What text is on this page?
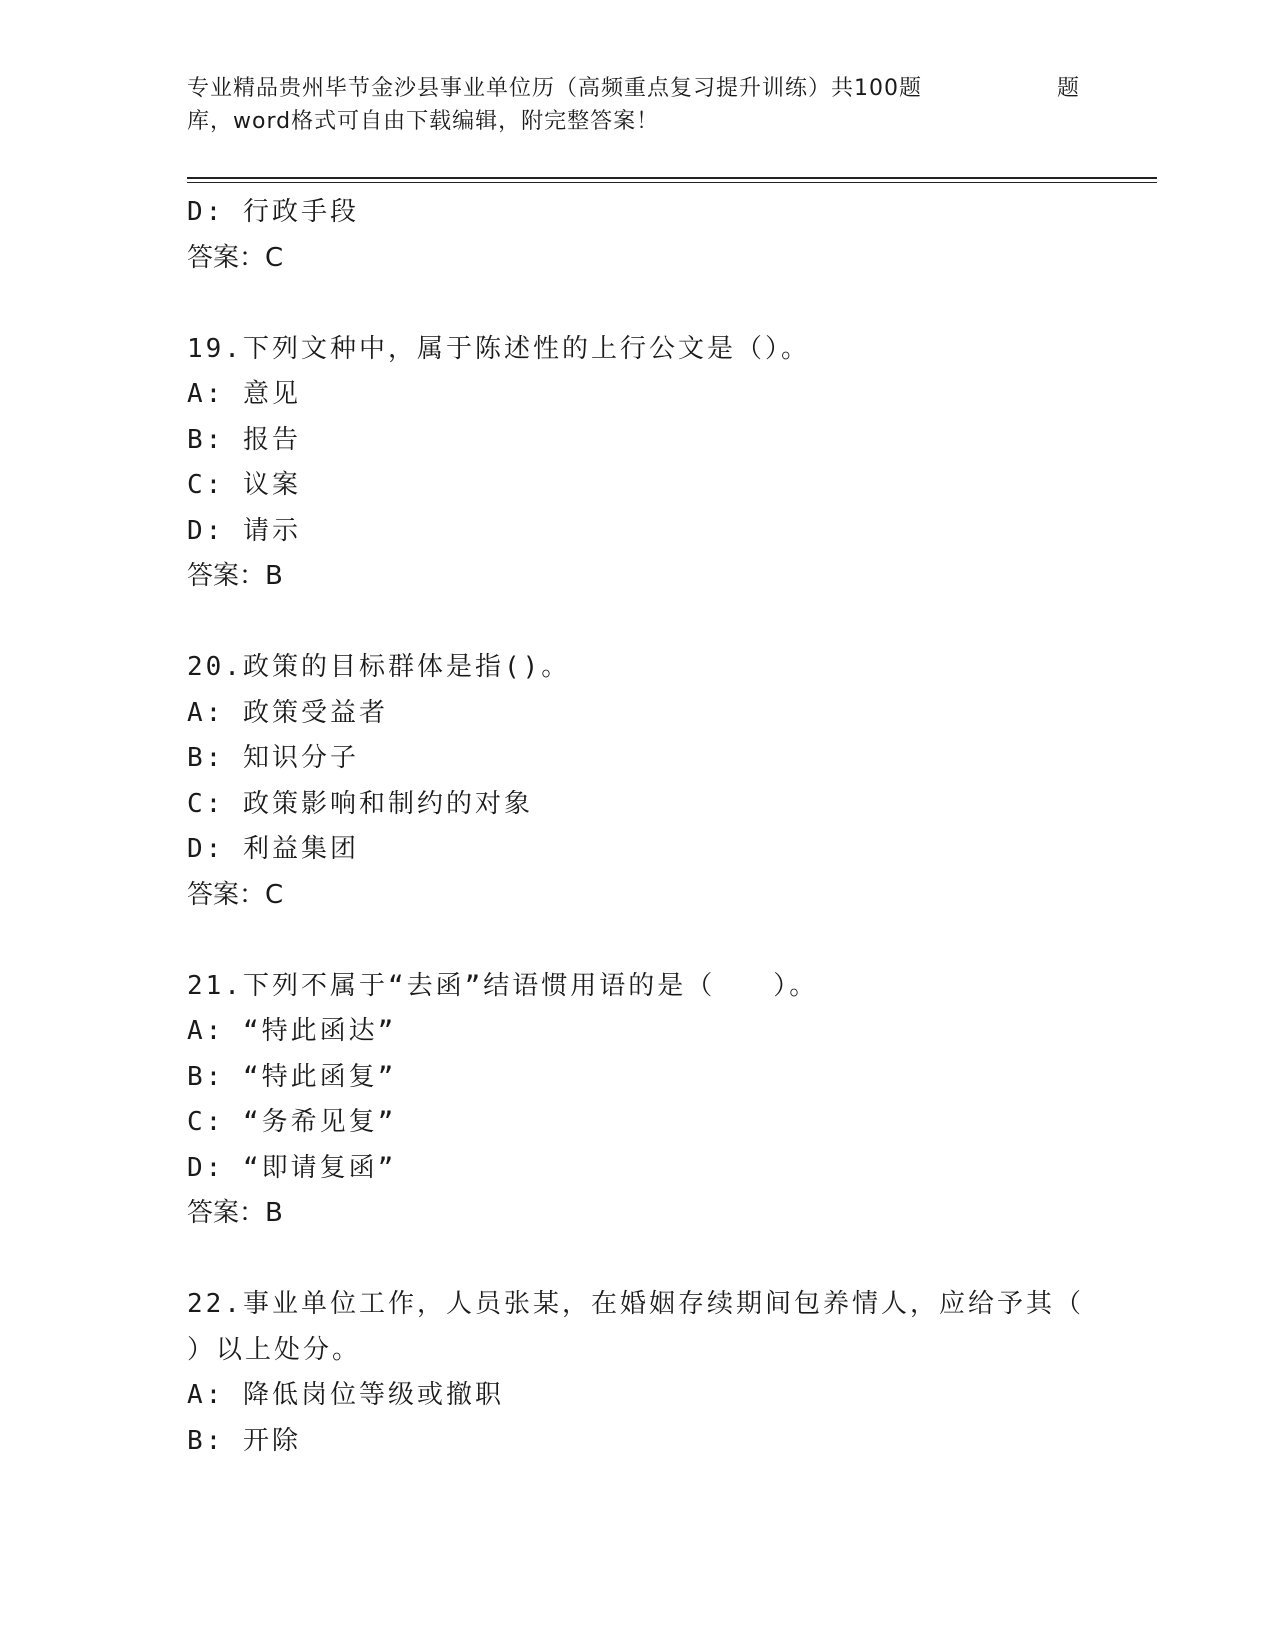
专业精品贵州毕节金沙县事业单位历（高频重点复习提升训练）共100题	题
库，word格式可自由下载编辑，附完整答案！
D: 行政手段
答案：C
19.下列文种中，属于陈述性的上行公文是（）。
A: 意见
B: 报告
C: 议案
D: 请示
答案：B
20.政策的目标群体是指()。
A: 政策受益者
B: 知识分子
C: 政策影响和制约的对象
D: 利益集团
答案：C
21.下列不属于“去函”结语惯用语的是（　　）。
A: “特此函达”
B: “特此函复”
C: “务希见复”
D: “即请复函”
答案：B
22.事业单位工作，人员张某，在婚姻存续期间包养情人，应给予其（
）以上处分。
A: 降低岗位等级或撤职
B: 开除
